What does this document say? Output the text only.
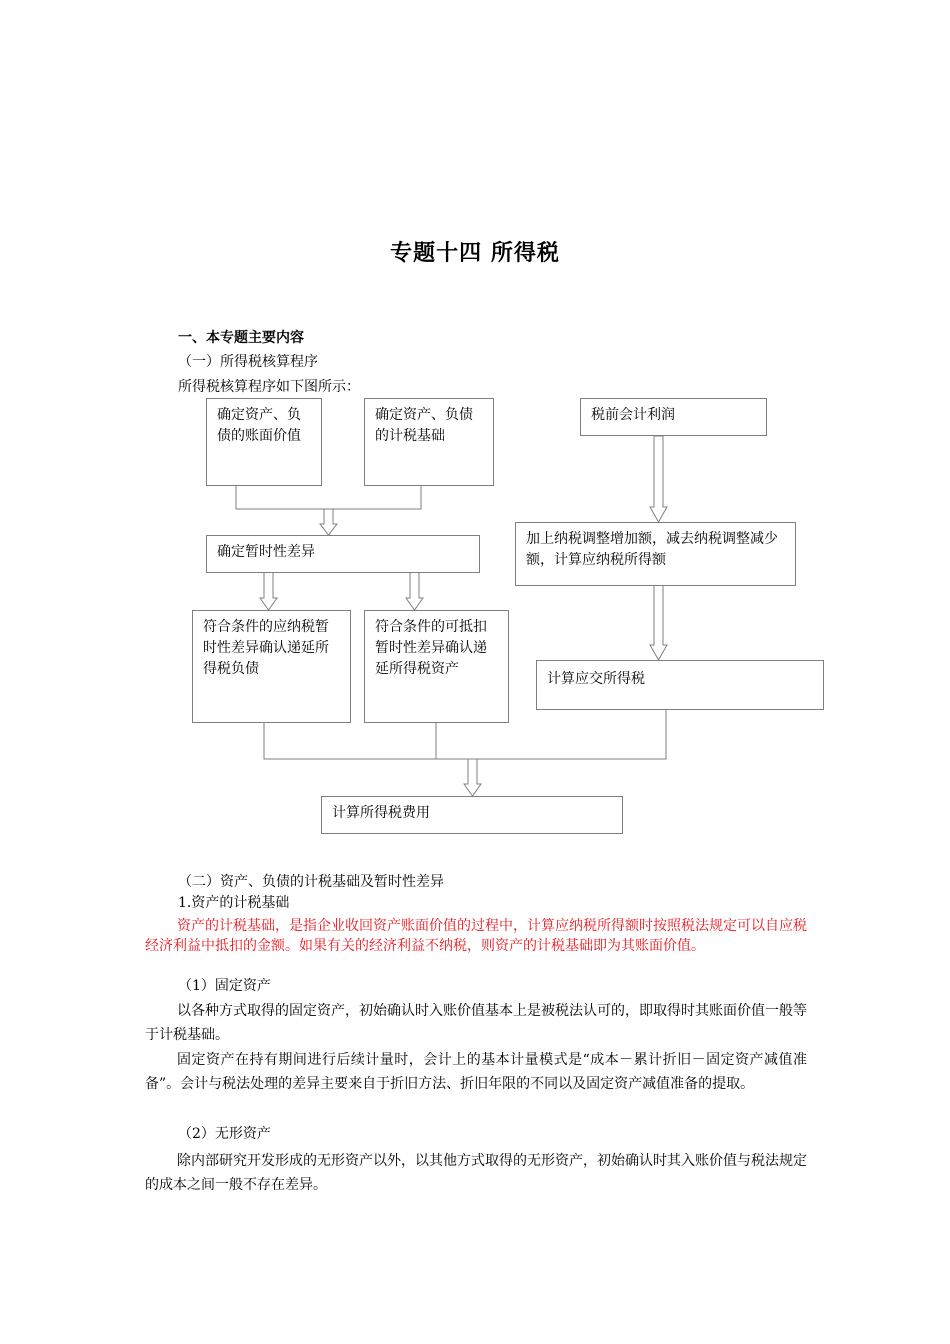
专题十四 所得税
一、本专题主要内容
（一）所得税核算程序
所得税核算程序如下图所示：
确定资产、负债的账面价值
确定资产、负债的计税基础
税前会计利润
确定暂时性差异
加上纳税调整增加额，减去纳税调整减少额，计算应纳税所得额
符合条件的应纳税暂时性差异确认递延所得税负债
符合条件的可抵扣暂时性差异确认递延所得税资产
计算应交所得税
计算所得税费用
（二）资产、负债的计税基础及暂时性差异
1.资产的计税基础
资产的计税基础，是指企业收回资产账面价值的过程中，计算应纳税所得额时按照税法规定可以自应税经济利益中抵扣的金额。如果有关的经济利益不纳税，则资产的计税基础即为其账面价值。
（1）固定资产
以各种方式取得的固定资产，初始确认时入账价值基本上是被税法认可的，即取得时其账面价值一般等于计税基础。
固定资产在持有期间进行后续计量时，会计上的基本计量模式是“成本－累计折旧－固定资产减值准备”。会计与税法处理的差异主要来自于折旧方法、折旧年限的不同以及固定资产减值准备的提取。
（2）无形资产
除内部研究开发形成的无形资产以外，以其他方式取得的无形资产，初始确认时其入账价值与税法规定的成本之间一般不存在差异。
